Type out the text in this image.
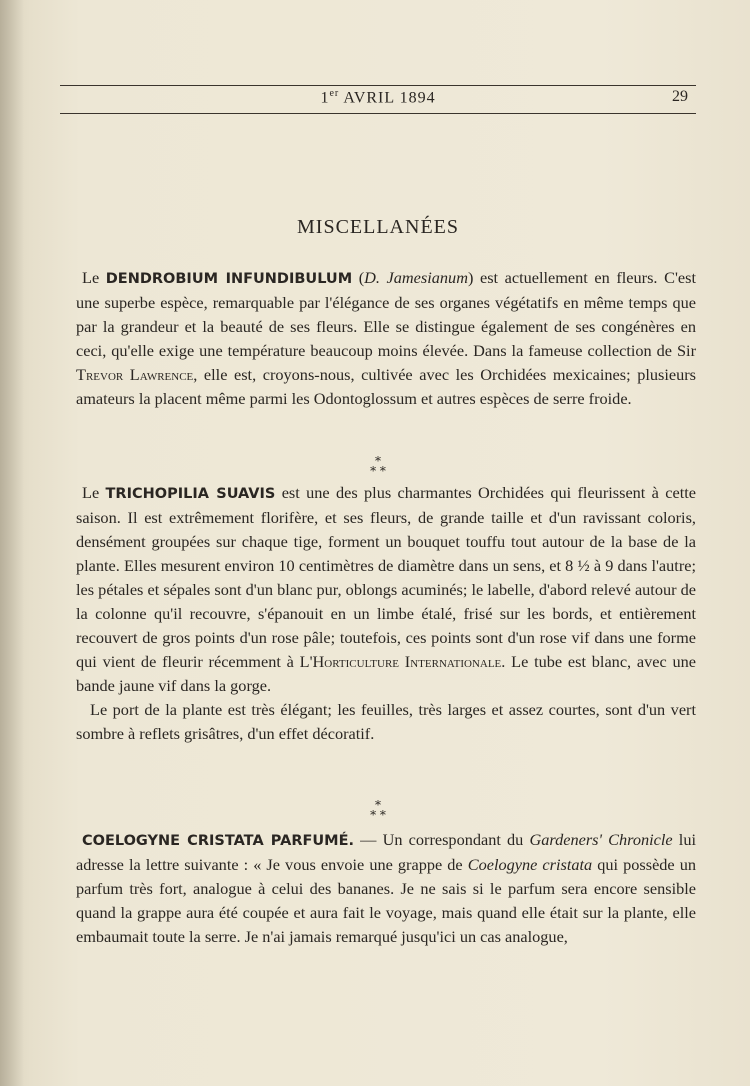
1er AVRIL 1894	29
MISCELLANÉES

Le DENDROBIUM INFUNDIBULUM (D. Jamesianum) est actuellement en fleurs. C'est une superbe espèce, remarquable par l'élégance de ses organes végétatifs en même temps que par la grandeur et la beauté de ses fleurs. Elle se distingue également de ses congénères en ceci, qu'elle exige une température beaucoup moins élevée. Dans la fameuse collection de Sir Trevor Lawrence, elle est, croyons-nous, cultivée avec les Orchidées mexicaines; plusieurs amateurs la placent même parmi les Odontoglossum et autres espèces de serre froide.

*
* *

Le TRICHOPILIA SUAVIS est une des plus charmantes Orchidées qui fleurissent à cette saison. Il est extrêmement florifère, et ses fleurs, de grande taille et d'un ravissant coloris, densément groupées sur chaque tige, forment un bouquet touffu tout autour de la base de la plante. Elles mesurent environ 10 centimètres de diamètre dans un sens, et 8 ½ à 9 dans l'autre; les pétales et sépales sont d'un blanc pur, oblongs acuminés; le labelle, d'abord relevé autour de la colonne qu'il recouvre, s'épanouit en un limbe étalé, frisé sur les bords, et entièrement recouvert de gros points d'un rose pâle; toutefois, ces points sont d'un rose vif dans une forme qui vient de fleurir récemment à L'Horticulture Internationale. Le tube est blanc, avec une bande jaune vif dans la gorge.

Le port de la plante est très élégant; les feuilles, très larges et assez courtes, sont d'un vert sombre à reflets grisâtres, d'un effet décoratif.

*
* *

COELOGYNE CRISTATA PARFUMÉ. — Un correspondant du Gardeners' Chronicle lui adresse la lettre suivante : « Je vous envoie une grappe de Coelogyne cristata qui possède un parfum très fort, analogue à celui des bananes. Je ne sais si le parfum sera encore sensible quand la grappe aura été coupée et aura fait le voyage, mais quand elle était sur la plante, elle embaumait toute la serre. Je n'ai jamais remarqué jusqu'ici un cas analogue,
